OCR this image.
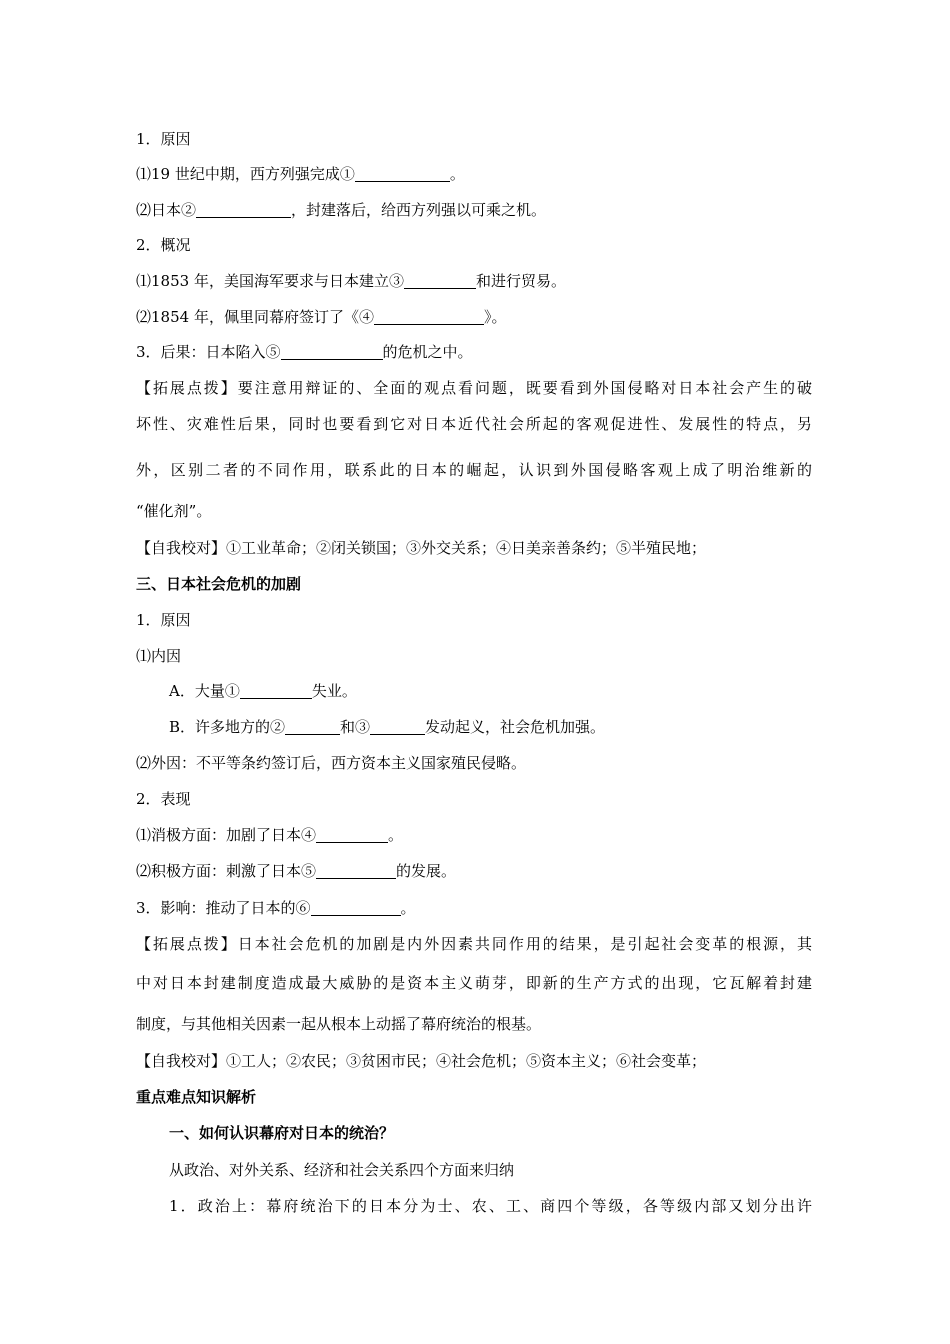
1．原因
⑴19 世纪中期，西方列强完成①	。
⑵日本②	，封建落后，给西方列强以可乘之机。
2．概况
⑴1853 年，美国海军要求与日本建立③	和进行贸易。
⑵1854 年，佩里同幕府签订了《④	》。
3．后果：日本陷入⑤	的危机之中。
【拓展点拨】要注意用辩证的、全面的观点看问题，既要看到外国侵略对日本社会产生的破
坏性、灾难性后果，同时也要看到它对日本近代社会所起的客观促进性、发展性的特点，另
外，区别二者的不同作用，联系此的日本的崛起，认识到外国侵略客观上成了明治维新的
“催化剂”。
【自我校对】①工业革命；②闭关锁国；③外交关系；④日美亲善条约；⑤半殖民地；
三、日本社会危机的加剧
1．原因
⑴内因
A．大量①	失业。
B．许多地方的②	和③	发动起义，社会危机加强。
⑵外因：不平等条约签订后，西方资本主义国家殖民侵略。
2．表现
⑴消极方面：加剧了日本④	。
⑵积极方面：刺激了日本⑤	的发展。
3．影响：推动了日本的⑥	。
【拓展点拨】日本社会危机的加剧是内外因素共同作用的结果，是引起社会变革的根源，其
中对日本封建制度造成最大威胁的是资本主义萌芽，即新的生产方式的出现，它瓦解着封建
制度，与其他相关因素一起从根本上动摇了幕府统治的根基。
【自我校对】①工人；②农民；③贫困市民；④社会危机；⑤资本主义；⑥社会变革；
重点难点知识解析
一、如何认识幕府对日本的统治？
从政治、对外关系、经济和社会关系四个方面来归纳
1．政治上：幕府统治下的日本分为士、农、工、商四个等级，各等级内部又划分出许
